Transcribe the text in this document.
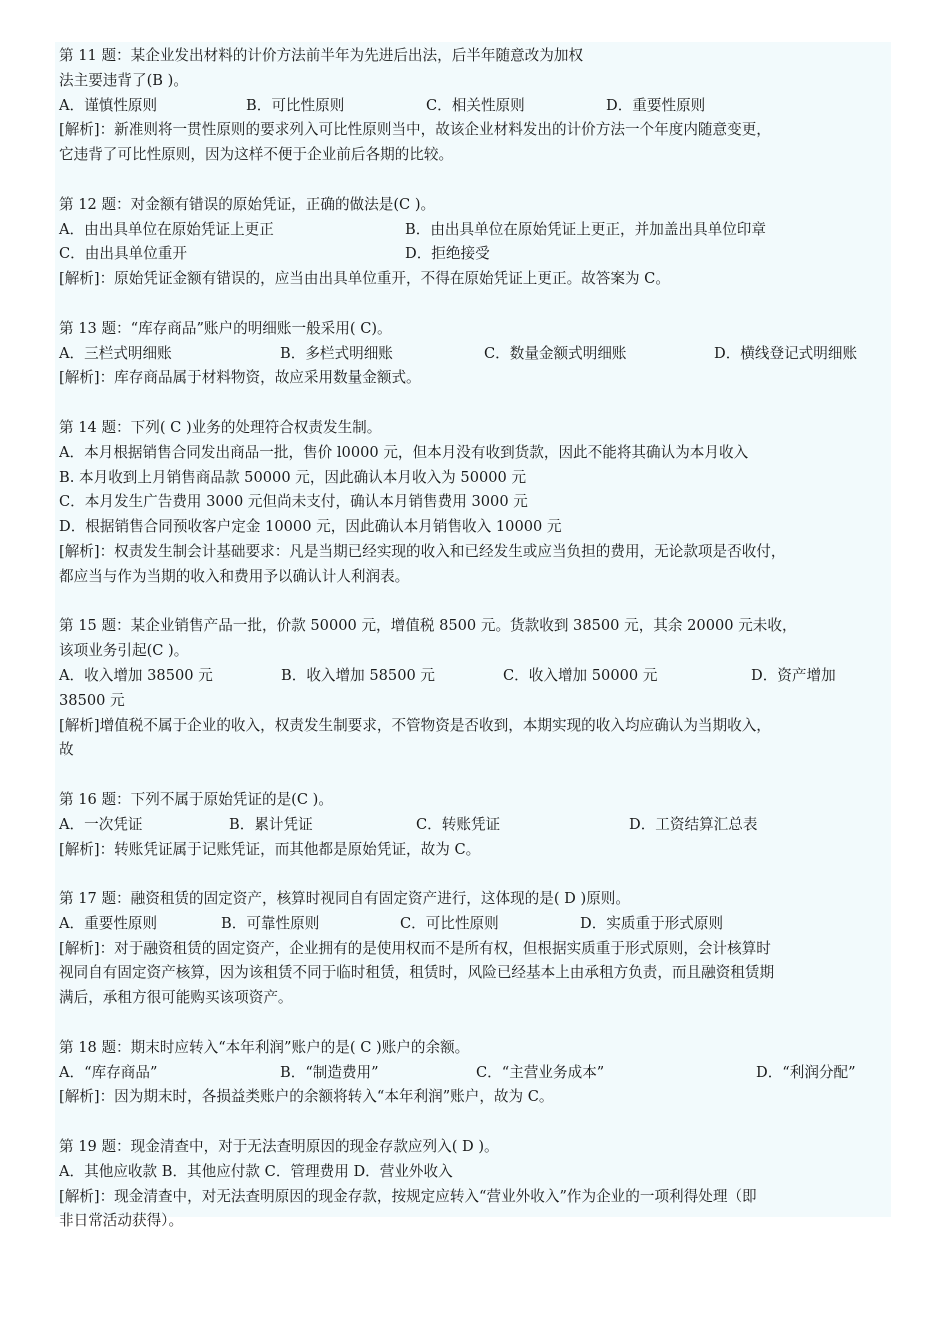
第 11 题：某企业发出材料的计价方法前半年为先进后出法，后半年随意改为加权
法主要违背了(B )。
A．谨慎性原则	B．可比性原则	C．相关性原则	D．重要性原则
[解析]：新准则将一贯性原则的要求列入可比性原则当中，故该企业材料发出的计价方法一个年度内随意变更，
它违背了可比性原则，因为这样不便于企业前后各期的比较。
第 12 题：对金额有错误的原始凭证，正确的做法是(C )。
A．由出具单位在原始凭证上更正	B．由出具单位在原始凭证上更正，并加盖出具单位印章
C．由出具单位重开	D．拒绝接受
[解析]：原始凭证金额有错误的，应当由出具单位重开，不得在原始凭证上更正。故答案为 C。
第 13 题：“库存商品”账户的明细账一般采用( C)。
A．三栏式明细账	B．多栏式明细账	C．数量金额式明细账	D．横线登记式明细账
[解析]：库存商品属于材料物资，故应采用数量金额式。
第 14 题：下列( C )业务的处理符合权责发生制。
A．本月根据销售合同发出商品一批，售价 l0000 元，但本月没有收到货款，因此不能将其确认为本月收入
B. 本月收到上月销售商品款 50000 元，因此确认本月收入为 50000 元
C．本月发生广告费用 3000 元但尚未支付，确认本月销售费用 3000 元
D．根据销售合同预收客户定金 10000 元，因此确认本月销售收入 10000 元
[解析]：权责发生制会计基础要求：凡是当期已经实现的收入和已经发生或应当负担的费用，无论款项是否收付，
都应当与作为当期的收入和费用予以确认计人利润表。
第 15 题：某企业销售产品一批，价款 50000 元，增值税 8500 元。货款收到 38500 元，其余 20000 元未收，
该项业务引起(C )。
A．收入增加 38500 元	B．收入增加 58500 元	C．收入增加 50000 元	D．资产增加
38500 元
[解析]增值税不属于企业的收入，权责发生制要求，不管物资是否收到，本期实现的收入均应确认为当期收入，
故
第 16 题：下列不属于原始凭证的是(C )。
A．一次凭证	B．累计凭证	C．转账凭证	D．工资结算汇总表
[解析]：转账凭证属于记账凭证，而其他都是原始凭证，故为 C。
第 17 题：融资租赁的固定资产，核算时视同自有固定资产进行，这体现的是( D )原则。
A．重要性原则	B．可靠性原则	C．可比性原则	D．实质重于形式原则
[解析]：对于融资租赁的固定资产，企业拥有的是使用权而不是所有权，但根据实质重于形式原则，会计核算时
视同自有固定资产核算，因为该租赁不同于临时租赁，租赁时，风险已经基本上由承租方负责，而且融资租赁期
满后，承租方很可能购买该项资产。
第 18 题：期末时应转入“本年利润”账户的是( C )账户的余额。
A．“库存商品”	B．“制造费用”	C．“主营业务成本”	D．“利润分配”
[解析]：因为期末时，各损益类账户的余额将转入“本年利润”账户，故为 C。
第 19 题：现金清查中，对于无法查明原因的现金存款应列入( D )。
A．其他应收款 B．其他应付款 C．管理费用 D．营业外收入
[解析]：现金清查中，对无法查明原因的现金存款，按规定应转入“营业外收入”作为企业的一项利得处理（即
非日常活动获得）。
